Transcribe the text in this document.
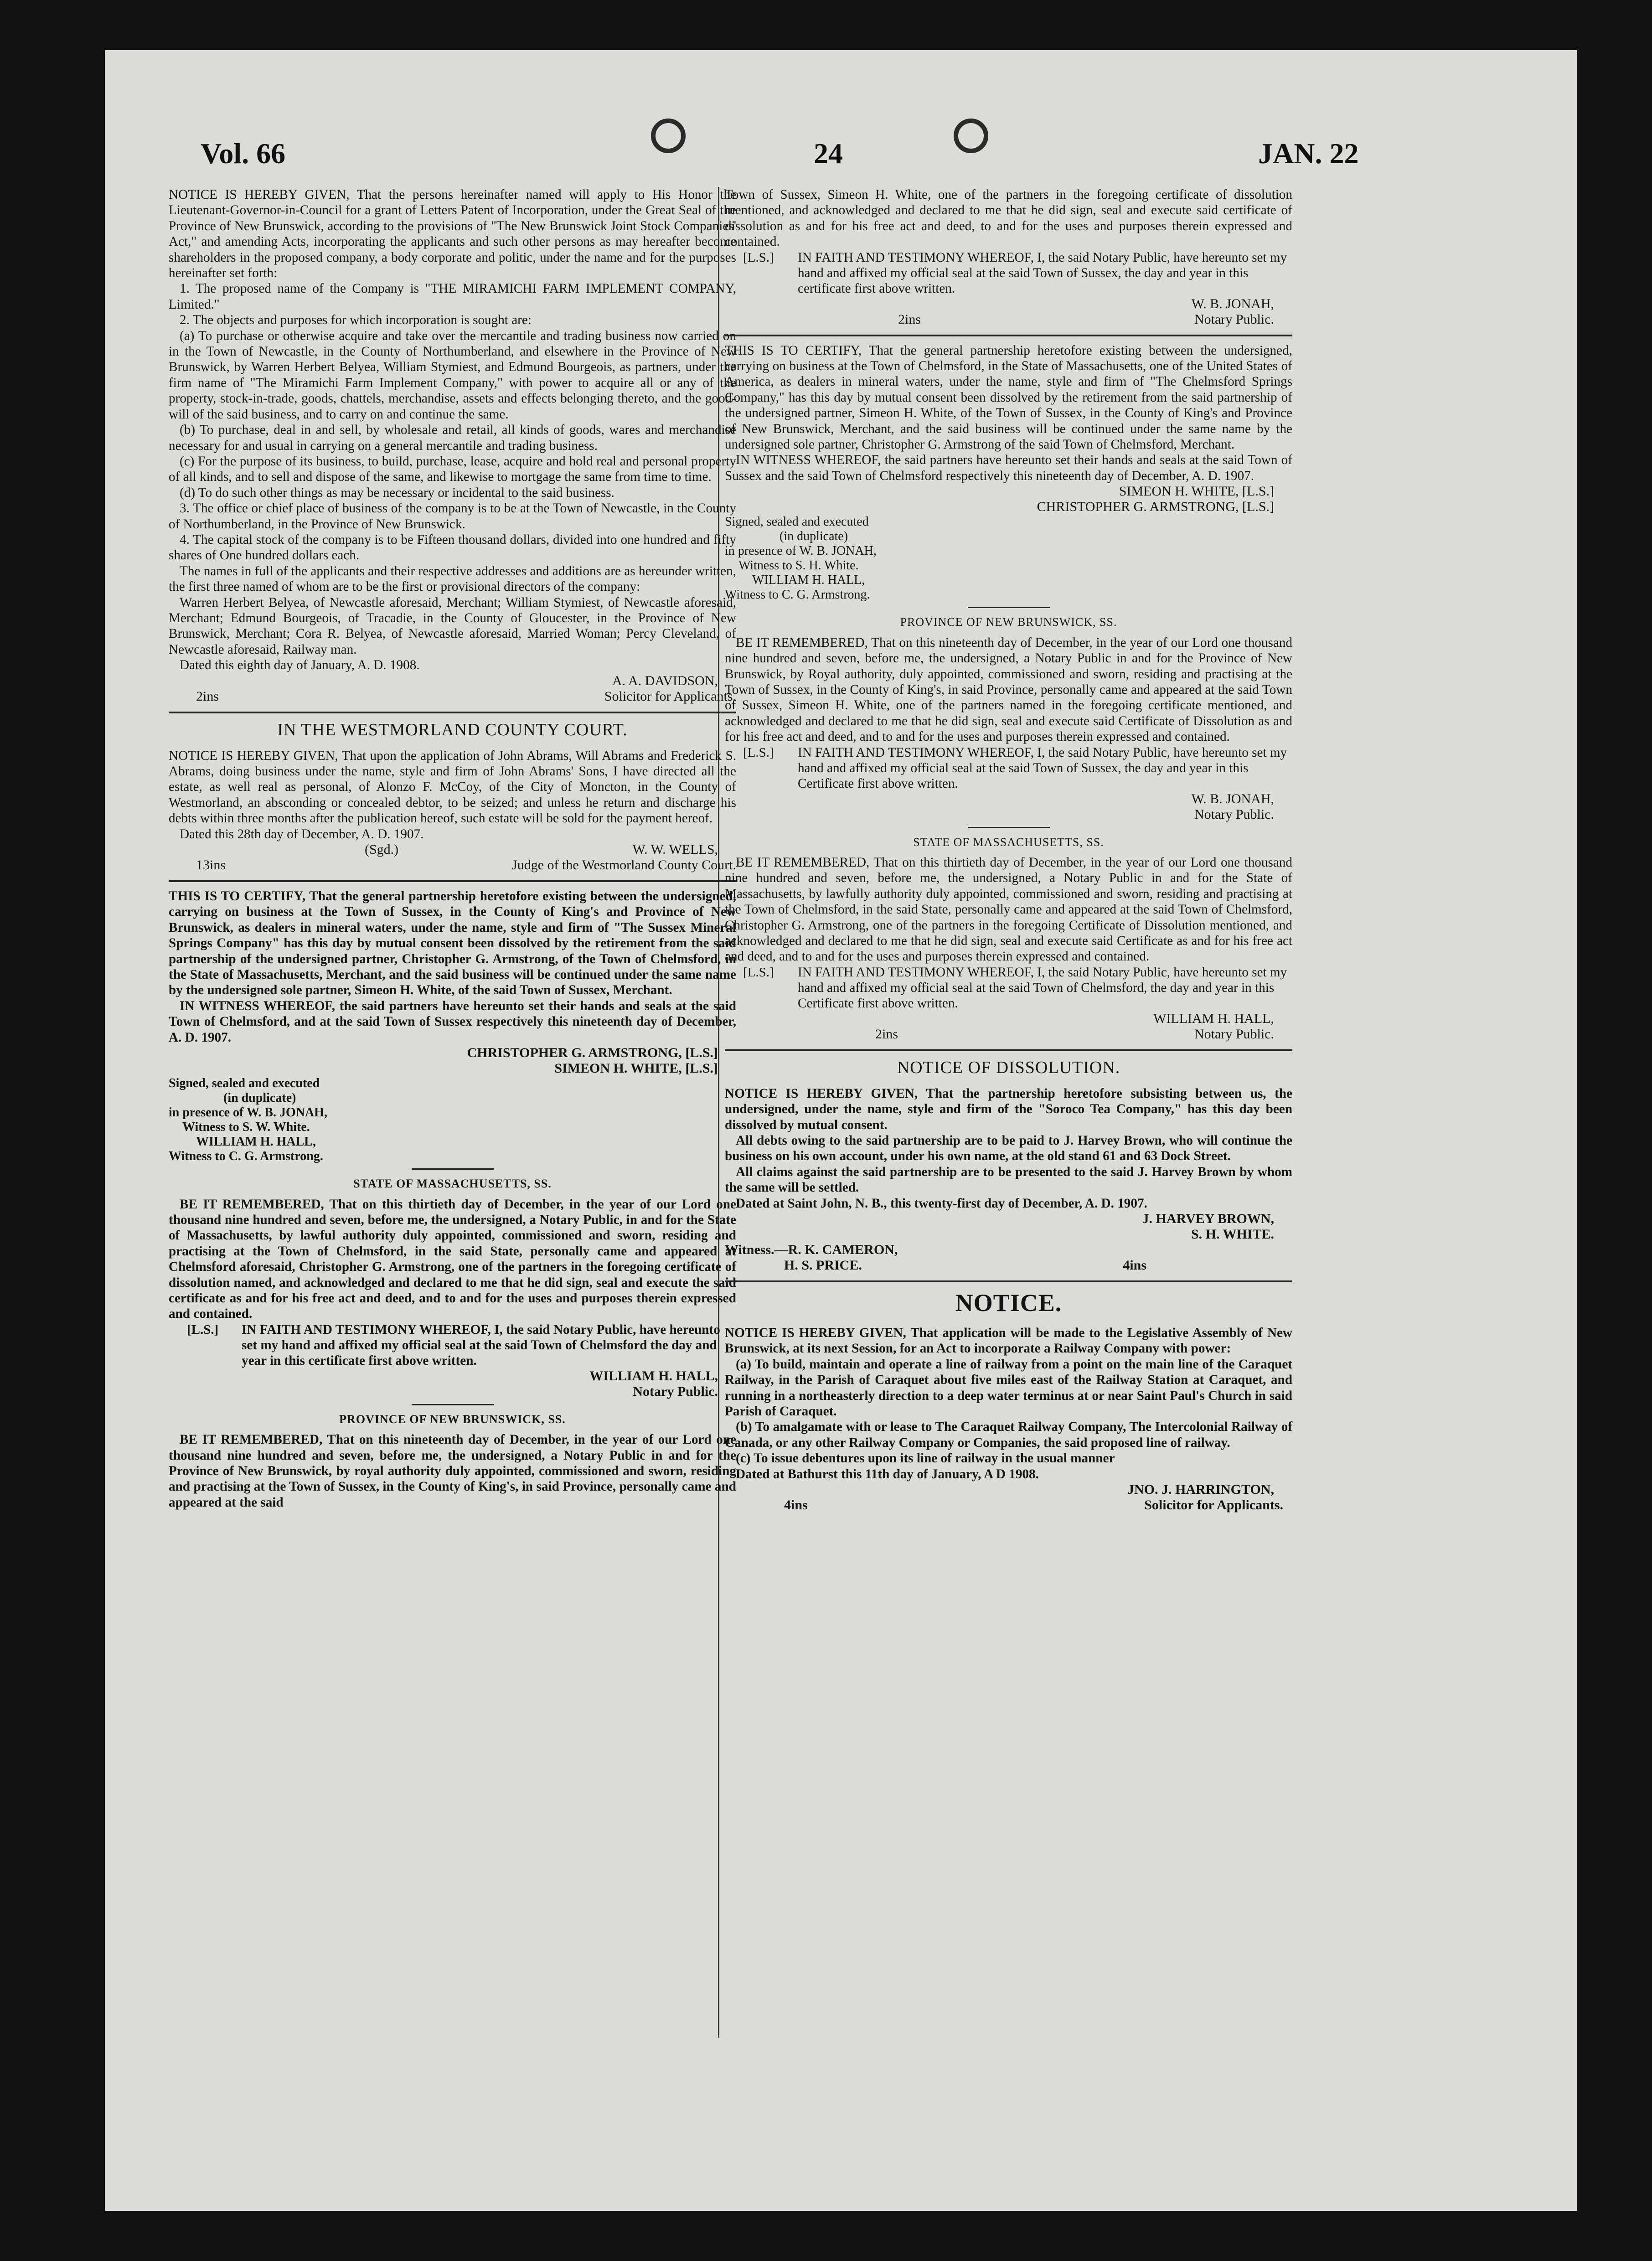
Vol. 66	24	JAN. 22

NOTICE IS HEREBY GIVEN, That the persons hereinafter named will apply to His Honor the Lieutenant-Governor-in-Council for a grant of Letters Patent of Incorporation, under the Great Seal of the Province of New Brunswick, according to the provisions of "The New Brunswick Joint Stock Companies' Act," and amending Acts, incorporating the applicants and such other persons as may hereafter become shareholders in the proposed company, a body corporate and politic, under the name and for the purposes hereinafter set forth:

1. The proposed name of the Company is "THE MIRAMICHI FARM IMPLEMENT COMPANY, Limited."

2. The objects and purposes for which incorporation is sought are:

(a) To purchase or otherwise acquire and take over the mercantile and trading business now carried on in the Town of Newcastle, in the County of Northumberland, and elsewhere in the Province of New Brunswick, by Warren Herbert Belyea, William Stymiest, and Edmund Bourgeois, as partners, under the firm name of "The Miramichi Farm Implement Company," with power to acquire all or any of the property, stock-in-trade, goods, chattels, merchandise, assets and effects belonging thereto, and the good-will of the said business, and to carry on and continue the same.

(b) To purchase, deal in and sell, by wholesale and retail, all kinds of goods, wares and merchandise necessary for and usual in carrying on a general mercantile and trading business.

(c) For the purpose of its business, to build, purchase, lease, acquire and hold real and personal property of all kinds, and to sell and dispose of the same, and likewise to mortgage the same from time to time.

(d) To do such other things as may be necessary or incidental to the said business.

3. The office or chief place of business of the company is to be at the Town of Newcastle, in the County of Northumberland, in the Province of New Brunswick.

4. The capital stock of the company is to be Fifteen thousand dollars, divided into one hundred and fifty shares of One hundred dollars each.

The names in full of the applicants and their respective addresses and additions are as hereunder written, the first three named of whom are to be the first or provisional directors of the company:

Warren Herbert Belyea, of Newcastle aforesaid, Merchant; William Stymiest, of Newcastle aforesaid, Merchant; Edmund Bourgeois, of Tracadie, in the County of Gloucester, in the Province of New Brunswick, Merchant; Cora R. Belyea, of Newcastle aforesaid, Married Woman; Percy Cleveland, of Newcastle aforesaid, Railway man.

Dated this eighth day of January, A. D. 1908.

A. A. DAVIDSON,
2ins	Solicitor for Applicants.
IN THE WESTMORLAND COUNTY COURT.

NOTICE IS HEREBY GIVEN, That upon the application of John Abrams, Will Abrams and Frederick S. Abrams, doing business under the name, style and firm of John Abrams' Sons, I have directed all the estate, as well real as personal, of Alonzo F. McCoy, of the City of Moncton, in the County of Westmorland, an absconding or concealed debtor, to be seized; and unless he return and discharge his debts within three months after the publication hereof, such estate will be sold for the payment hereof.

Dated this 28th day of December, A. D. 1907.

(Sgd.)	W. W. WELLS,
13ins	Judge of the Westmorland County Court.

THIS IS TO CERTIFY, That the general partnership heretofore existing between the undersigned, carrying on business at the Town of Sussex, in the County of King's and Province of New Brunswick, as dealers in mineral waters, under the name, style and firm of "The Sussex Mineral Springs Company" has this day by mutual consent been dissolved by the retirement from the said partnership of the undersigned partner, Christopher G. Armstrong, of the Town of Chelmsford, in the State of Massachusetts, Merchant, and the said business will be continued under the same name by the undersigned sole partner, Simeon H. White, of the said Town of Sussex, Merchant.

IN WITNESS WHEREOF, the said partners have hereunto set their hands and seals at the said Town of Chelmsford, and at the said Town of Sussex respectively this nineteenth day of December, A. D. 1907.

CHRISTOPHER G. ARMSTRONG, [L.S.]
SIMEON H. WHITE, [L.S.]
Signed, sealed and executed
(in duplicate)
in presence of W. B. JONAH,
Witness to S. W. White.
WILLIAM H. HALL,
Witness to C. G. Armstrong.
STATE OF MASSACHUSETTS, SS.

BE IT REMEMBERED, That on this thirtieth day of December, in the year of our Lord one thousand nine hundred and seven, before me, the undersigned, a Notary Public, in and for the State of Massachusetts, by lawful authority duly appointed, commissioned and sworn, residing and practising at the Town of Chelmsford, in the said State, personally came and appeared at Chelmsford aforesaid, Christopher G. Armstrong, one of the partners in the foregoing certificate of dissolution named, and acknowledged and declared to me that he did sign, seal and execute the said certificate as and for his free act and deed, and to and for the uses and purposes therein expressed and contained.

[L.S.]	IN FAITH AND TESTIMONY WHEREOF, I, the said Notary Public, have hereunto set my hand and affixed my official seal at the said Town of Chelmsford the day and year in this certificate first above written.
WILLIAM H. HALL,
Notary Public.
PROVINCE OF NEW BRUNSWICK, SS.

BE IT REMEMBERED, That on this nineteenth day of December, in the year of our Lord one thousand nine hundred and seven, before me, the undersigned, a Notary Public in and for the Province of New Brunswick, by royal authority duly appointed, commissioned and sworn, residing and practising at the Town of Sussex, in the County of King's, in said Province, personally came and appeared at the said

Town of Sussex, Simeon H. White, one of the partners in the foregoing certificate of dissolution mentioned, and acknowledged and declared to me that he did sign, seal and execute said certificate of dissolution as and for his free act and deed, to and for the uses and purposes therein expressed and contained.

[L.S.]	IN FAITH AND TESTIMONY WHEREOF, I, the said Notary Public, have hereunto set my hand and affixed my official seal at the said Town of Sussex, the day and year in this certificate first above written.
W. B. JONAH,
2ins	Notary Public.

THIS IS TO CERTIFY, That the general partnership heretofore existing between the undersigned, carrying on business at the Town of Chelmsford, in the State of Massachusetts, one of the United States of America, as dealers in mineral waters, under the name, style and firm of "The Chelmsford Springs Company," has this day by mutual consent been dissolved by the retirement from the said partnership of the undersigned partner, Simeon H. White, of the Town of Sussex, in the County of King's and Province of New Brunswick, Merchant, and the said business will be continued under the same name by the undersigned sole partner, Christopher G. Armstrong of the said Town of Chelmsford, Merchant.

IN WITNESS WHEREOF, the said partners have hereunto set their hands and seals at the said Town of Sussex and the said Town of Chelmsford respectively this nineteenth day of December, A. D. 1907.

SIMEON H. WHITE, [L.S.]
CHRISTOPHER G. ARMSTRONG, [L.S.]
Signed, sealed and executed
(in duplicate)
in presence of W. B. JONAH,
Witness to S. H. White.
WILLIAM H. HALL,
Witness to C. G. Armstrong.
PROVINCE OF NEW BRUNSWICK, SS.

BE IT REMEMBERED, That on this nineteenth day of December, in the year of our Lord one thousand nine hundred and seven, before me, the undersigned, a Notary Public in and for the Province of New Brunswick, by Royal authority, duly appointed, commissioned and sworn, residing and practising at the Town of Sussex, in the County of King's, in said Province, personally came and appeared at the said Town of Sussex, Simeon H. White, one of the partners named in the foregoing certificate mentioned, and acknowledged and declared to me that he did sign, seal and execute said Certificate of Dissolution as and for his free act and deed, and to and for the uses and purposes therein expressed and contained.

[L.S.]	IN FAITH AND TESTIMONY WHEREOF, I, the said Notary Public, have hereunto set my hand and affixed my official seal at the said Town of Sussex, the day and year in this Certificate first above written.
W. B. JONAH,
Notary Public.
STATE OF MASSACHUSETTS, SS.

BE IT REMEMBERED, That on this thirtieth day of December, in the year of our Lord one thousand nine hundred and seven, before me, the undersigned, a Notary Public in and for the State of Massachusetts, by lawfully authority duly appointed, commissioned and sworn, residing and practising at the Town of Chelmsford, in the said State, personally came and appeared at the said Town of Chelmsford, Christopher G. Armstrong, one of the partners in the foregoing Certificate of Dissolution mentioned, and acknowledged and declared to me that he did sign, seal and execute said Certificate as and for his free act and deed, and to and for the uses and purposes therein expressed and contained.

[L.S.]	IN FAITH AND TESTIMONY WHEREOF, I, the said Notary Public, have hereunto set my hand and affixed my official seal at the said Town of Chelmsford, the day and year in this Certificate first above written.
WILLIAM H. HALL,
2ins	Notary Public.
NOTICE OF DISSOLUTION.

NOTICE IS HEREBY GIVEN, That the partnership heretofore subsisting between us, the undersigned, under the name, style and firm of the "Soroco Tea Company," has this day been dissolved by mutual consent.

All debts owing to the said partnership are to be paid to J. Harvey Brown, who will continue the business on his own account, under his own name, at the old stand 61 and 63 Dock Street.

All claims against the said partnership are to be presented to the said J. Harvey Brown by whom the same will be settled.

Dated at Saint John, N. B., this twenty-first day of December, A. D. 1907.

J. HARVEY BROWN,
S. H. WHITE.
Witness.—R. K. CAMERON,
H. S. PRICE.	4ins
NOTICE.

NOTICE IS HEREBY GIVEN, That application will be made to the Legislative Assembly of New Brunswick, at its next Session, for an Act to incorporate a Railway Company with power:

(a) To build, maintain and operate a line of railway from a point on the main line of the Caraquet Railway, in the Parish of Caraquet about five miles east of the Railway Station at Caraquet, and running in a northeasterly direction to a deep water terminus at or near Saint Paul's Church in said Parish of Caraquet.

(b) To amalgamate with or lease to The Caraquet Railway Company, The Intercolonial Railway of Canada, or any other Railway Company or Companies, the said proposed line of railway.

(c) To issue debentures upon its line of railway in the usual manner

Dated at Bathurst this 11th day of January, A D 1908.

JNO. J. HARRINGTON,
4ins	Solicitor for Applicants.
